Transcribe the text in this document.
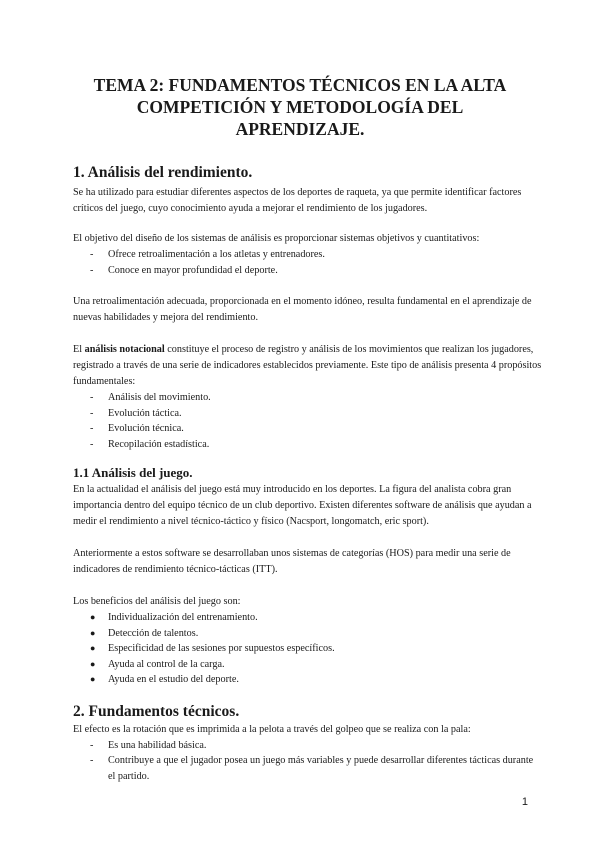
TEMA 2: FUNDAMENTOS TÉCNICOS EN LA ALTA
COMPETICIÓN Y METODOLOGÍA DEL
APRENDIZAJE.
1. Análisis del rendimiento.

Se ha utilizado para estudiar diferentes aspectos de los deportes de raqueta, ya que permite identificar factores críticos del juego, cuyo conocimiento ayuda a mejorar el rendimiento de los jugadores.

El objetivo del diseño de los sistemas de análisis es proporcionar sistemas objetivos y cuantitativos:

- Ofrece retroalimentación a los atletas y entrenadores.
- Conoce en mayor profundidad el deporte.

Una retroalimentación adecuada, proporcionada en el momento idóneo, resulta fundamental en el aprendizaje de nuevas habilidades y mejora del rendimiento.

El análisis notacional constituye el proceso de registro y análisis de los movimientos que realizan los jugadores, registrado a través de una serie de indicadores establecidos previamente. Este tipo de análisis presenta 4 propósitos fundamentales:

- Análisis del movimiento.
- Evolución táctica.
- Evolución técnica.
- Recopilación estadística.
1.1 Análisis del juego.

En la actualidad el análisis del juego está muy introducido en los deportes. La figura del analista cobra gran importancia dentro del equipo técnico de un club deportivo. Existen diferentes software de análisis que ayudan a medir el rendimiento a nivel técnico-táctico y físico (Nacsport, longomatch, eric sport).

Anteriormente a estos software se desarrollaban unos sistemas de categorías (HOS) para medir una serie de indicadores de rendimiento técnico-tácticas (ITT).

Los beneficios del análisis del juego son:

● Individualización del entrenamiento.
● Detección de talentos.
● Especificidad de las sesiones por supuestos específicos.
● Ayuda al control de la carga.
● Ayuda en el estudio del deporte.
2. Fundamentos técnicos.

El efecto es la rotación que es imprimida a la pelota a través del golpeo que se realiza con la pala:

- Es una habilidad básica.
- Contribuye a que el jugador posea un juego más variables y puede desarrollar diferentes tácticas durante el partido.
1
